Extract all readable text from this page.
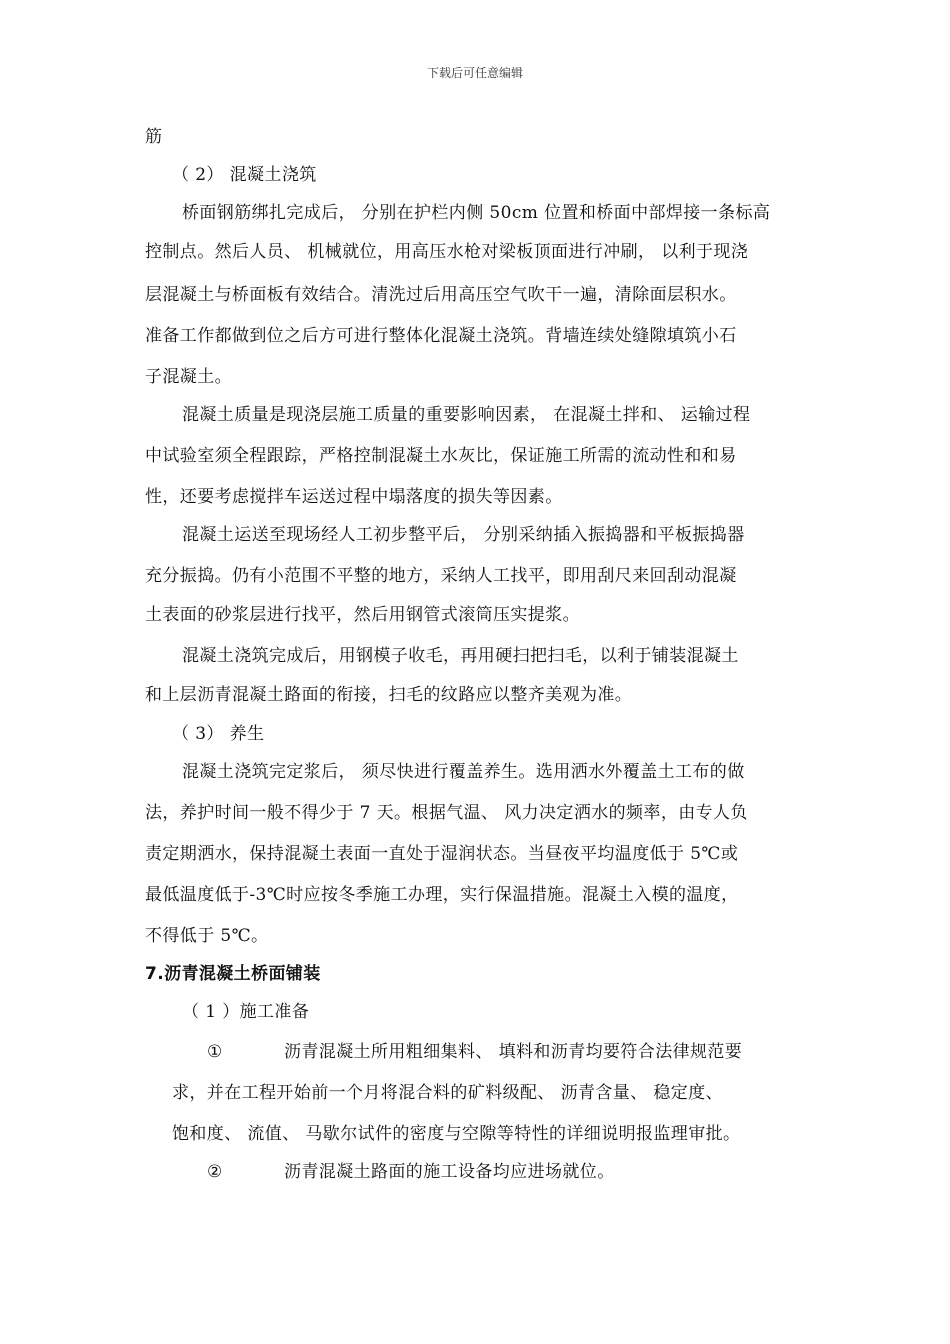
下载后可任意编辑
筋
（ 2） 混凝土浇筑
桥面钢筋绑扎完成后， 分别在护栏内侧 50cm 位置和桥面中部焊接一条标高
控制点。然后人员、 机械就位，用高压水枪对梁板顶面进行冲刷， 以利于现浇
层混凝土与桥面板有效结合。清洗过后用高压空气吹干一遍，清除面层积水。
准备工作都做到位之后方可进行整体化混凝土浇筑。背墙连续处缝隙填筑小石
子混凝土。
混凝土质量是现浇层施工质量的重要影响因素， 在混凝土拌和、 运输过程
中试验室须全程跟踪，严格控制混凝土水灰比，保证施工所需的流动性和和易
性，还要考虑搅拌车运送过程中塌落度的损失等因素。
混凝土运送至现场经人工初步整平后， 分别采纳插入振捣器和平板振捣器
充分振捣。仍有小范围不平整的地方，采纳人工找平，即用刮尺来回刮动混凝
土表面的砂浆层进行找平，然后用钢管式滚筒压实提浆。
混凝土浇筑完成后，用钢模子收毛，再用硬扫把扫毛，以利于铺装混凝土
和上层沥青混凝土路面的衔接，扫毛的纹路应以整齐美观为准。
（ 3） 养生
混凝土浇筑完定浆后， 须尽快进行覆盖养生。选用洒水外覆盖土工布的做
法，养护时间一般不得少于 7 天。根据气温、 风力决定洒水的频率，由专人负
责定期洒水，保持混凝土表面一直处于湿润状态。当昼夜平均温度低于 5℃或
最低温度低于-3℃时应按冬季施工办理，实行保温措施。混凝土入模的温度，
不得低于 5℃。
7.沥青混凝土桥面铺装
（ 1 ）施工准备
①	沥青混凝土所用粗细集料、 填料和沥青均要符合法律规范要
求，并在工程开始前一个月将混合料的矿料级配、 沥青含量、 稳定度、
饱和度、 流值、 马歇尔试件的密度与空隙等特性的详细说明报监理审批。
②	沥青混凝土路面的施工设备均应进场就位。
